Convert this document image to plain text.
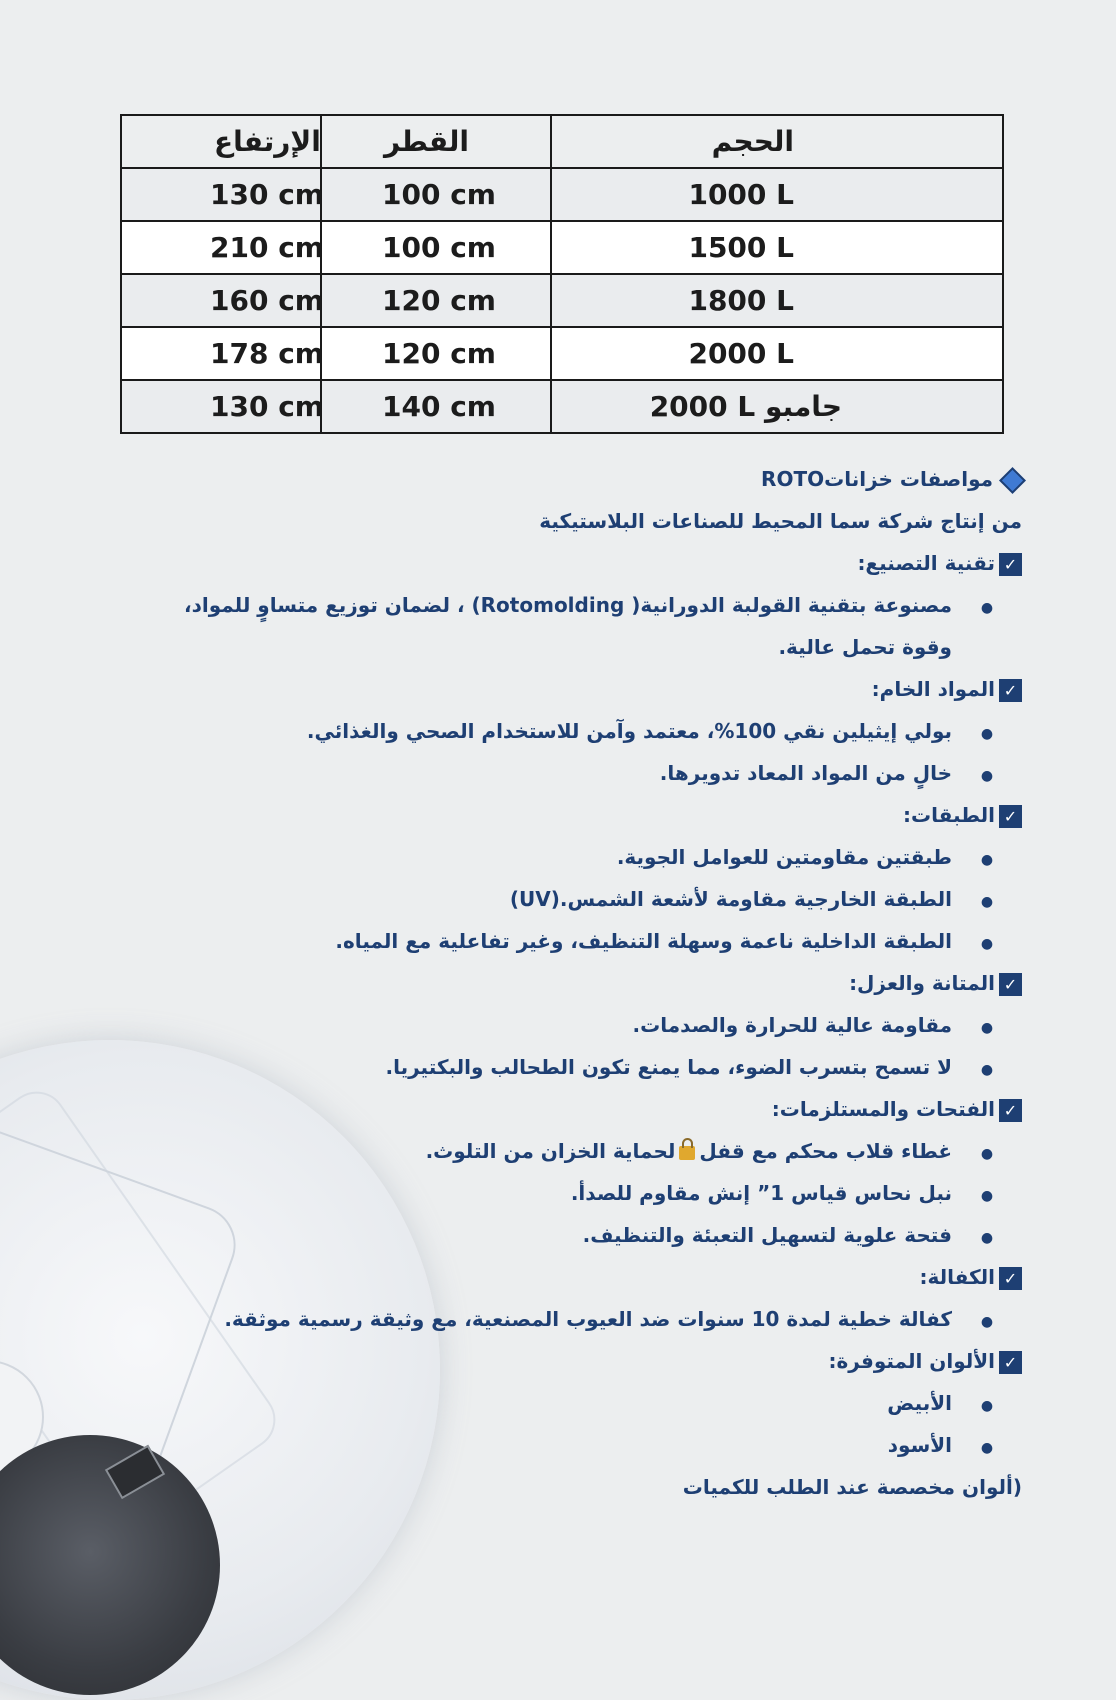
الإرتفاع	القطر	الحجم

130 cm	100 cm	1000 L

210 cm	100 cm	1500 L

160 cm	120 cm	1800 L

178 cm	120 cm	2000 L

130 cm	140 cm	2000 L جامبو
مواصفات خزاناتROTO
من إنتاج شركة سما المحيط للصناعات البلاستيكية
✓تقنية التصنيع:
●مصنوعة بتقنية القولبة الدورانية( Rotomolding) ، لضمان توزيع متساوٍ للمواد،
وقوة تحمل عالية.
✓المواد الخام:
●بولي إيثيلين نقي 100%، معتمد وآمن للاستخدام الصحي والغذائي.
●خالٍ من المواد المعاد تدويرها.
✓الطبقات:
●طبقتين مقاومتين للعوامل الجوية.
●الطبقة الخارجية مقاومة لأشعة الشمس.(UV)
●الطبقة الداخلية ناعمة وسهلة التنظيف، وغير تفاعلية مع المياه.
✓المتانة والعزل:
●مقاومة عالية للحرارة والصدمات.
●لا تسمح بتسرب الضوء، مما يمنع تكون الطحالب والبكتيريا.
✓الفتحات والمستلزمات:
●غطاء قلاب محكم مع قفللحماية الخزان من التلوث.
●نبل نحاس قياس 1” إنش مقاوم للصدأ.
●فتحة علوية لتسهيل التعبئة والتنظيف.
✓الكفالة:
●كفالة خطية لمدة 10 سنوات ضد العيوب المصنعية، مع وثيقة رسمية موثقة.
✓الألوان المتوفرة:
●الأبيض
●الأسود
(ألوان مخصصة عند الطلب للكميات
